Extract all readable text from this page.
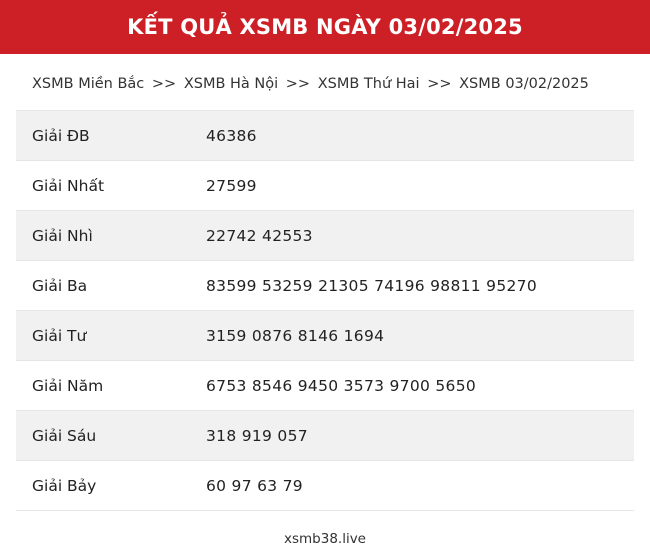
KẾT QUẢ XSMB NGÀY 03/02/2025
XSMB Miền Bắc >> XSMB Hà Nội >> XSMB Thứ Hai >> XSMB 03/02/2025
Giải ĐB	46386
Giải Nhất	27599
Giải Nhì	22742 42553
Giải Ba	83599 53259 21305 74196 98811 95270
Giải Tư	3159 0876 8146 1694
Giải Năm	6753 8546 9450 3573 9700 5650
Giải Sáu	318 919 057
Giải Bảy	60 97 63 79
xsmb38.live
